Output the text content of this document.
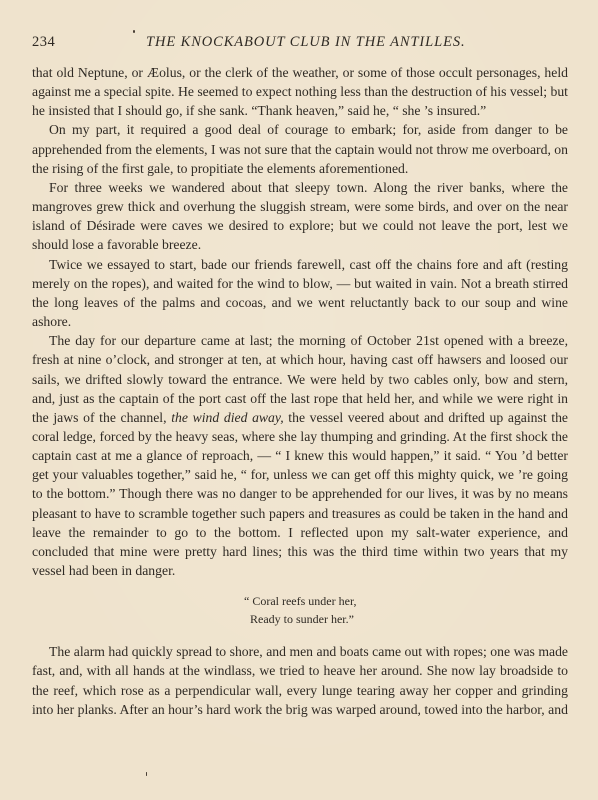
234	THE KNOCKABOUT CLUB IN THE ANTILLES.

that old Neptune, or Æolus, or the clerk of the weather, or some of those occult personages, held against me a special spite. He seemed to expect nothing less than the destruction of his vessel; but he insisted that I should go, if she sank. “Thank heaven,” said he, “ she ’s insured.”

On my part, it required a good deal of courage to embark; for, aside from danger to be apprehended from the elements, I was not sure that the captain would not throw me overboard, on the rising of the first gale, to propitiate the elements aforementioned.

For three weeks we wandered about that sleepy town. Along the river banks, where the mangroves grew thick and overhung the sluggish stream, were some birds, and over on the near island of Désirade were caves we desired to explore; but we could not leave the port, lest we should lose a favorable breeze.

Twice we essayed to start, bade our friends farewell, cast off the chains fore and aft (resting merely on the ropes), and waited for the wind to blow, — but waited in vain. Not a breath stirred the long leaves of the palms and cocoas, and we went reluctantly back to our soup and wine ashore.

The day for our departure came at last; the morning of October 21st opened with a breeze, fresh at nine o’clock, and stronger at ten, at which hour, having cast off hawsers and loosed our sails, we drifted slowly toward the entrance. We were held by two cables only, bow and stern, and, just as the captain of the port cast off the last rope that held her, and while we were right in the jaws of the channel, the wind died away, the vessel veered about and drifted up against the coral ledge, forced by the heavy seas, where she lay thumping and grinding. At the first shock the captain cast at me a glance of reproach, — “ I knew this would happen,” it said. “ You ’d better get your valuables together,” said he, “ for, unless we can get off this mighty quick, we ’re going to the bottom.” Though there was no danger to be apprehended for our lives, it was by no means pleasant to have to scramble together such papers and treasures as could be taken in the hand and leave the remainder to go to the bottom. I reflected upon my salt-water experience, and concluded that mine were pretty hard lines; this was the third time within two years that my vessel had been in danger.

“ Coral reefs under her,
Ready to sunder her.”

The alarm had quickly spread to shore, and men and boats came out with ropes; one was made fast, and, with all hands at the windlass, we tried to heave her around. She now lay broadside to the reef, which rose as a perpendicular wall, every lunge tearing away her copper and grinding into her planks. After an hour’s hard work the brig was warped around, towed into the harbor, and
